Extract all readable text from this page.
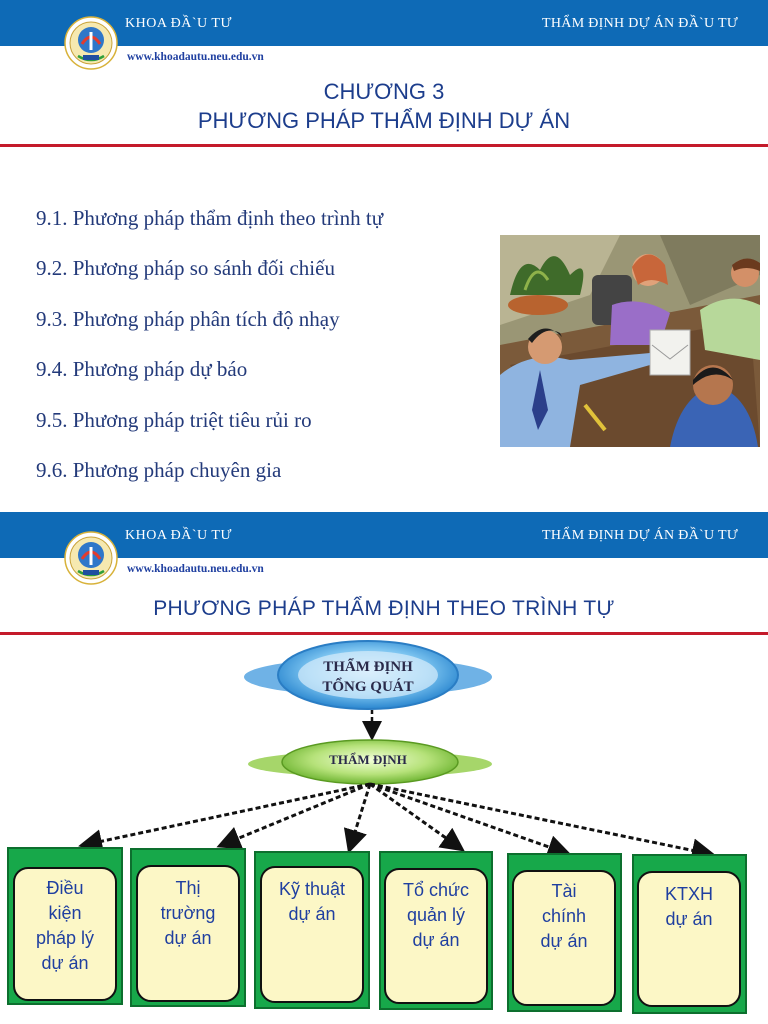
KHOA ĐẦ`U TƯ	THẨM ĐỊNH DỰ ÁN ĐẦ`U TƯ
www.khoadautu.neu.edu.vn
CHƯƠNG 3
PHƯƠNG PHÁP THẨM ĐỊNH DỰ ÁN
9.1. Phương pháp thẩm định theo trình tự
9.2. Phương pháp so sánh đối chiếu
9.3. Phương pháp phân tích độ nhạy
9.4. Phương pháp dự báo
9.5. Phương pháp triệt tiêu rủi ro
9.6. Phương pháp chuyên gia
KHOA ĐẦ`U TƯ	THẨM ĐỊNH DỰ ÁN ĐẦ`U TƯ
www.khoadautu.neu.edu.vn
PHƯƠNG PHÁP THẨM ĐỊNH THEO TRÌNH TỰ
THẨM ĐỊNH
TỔNG QUÁT
THẨM ĐỊNH
Điều
kiện
pháp lý
dự án
Thị
trường
dự án
Kỹ thuật
dự án
Tổ chức
quản lý
dự án
Tài
chính
dự án
KTXH
dự án
